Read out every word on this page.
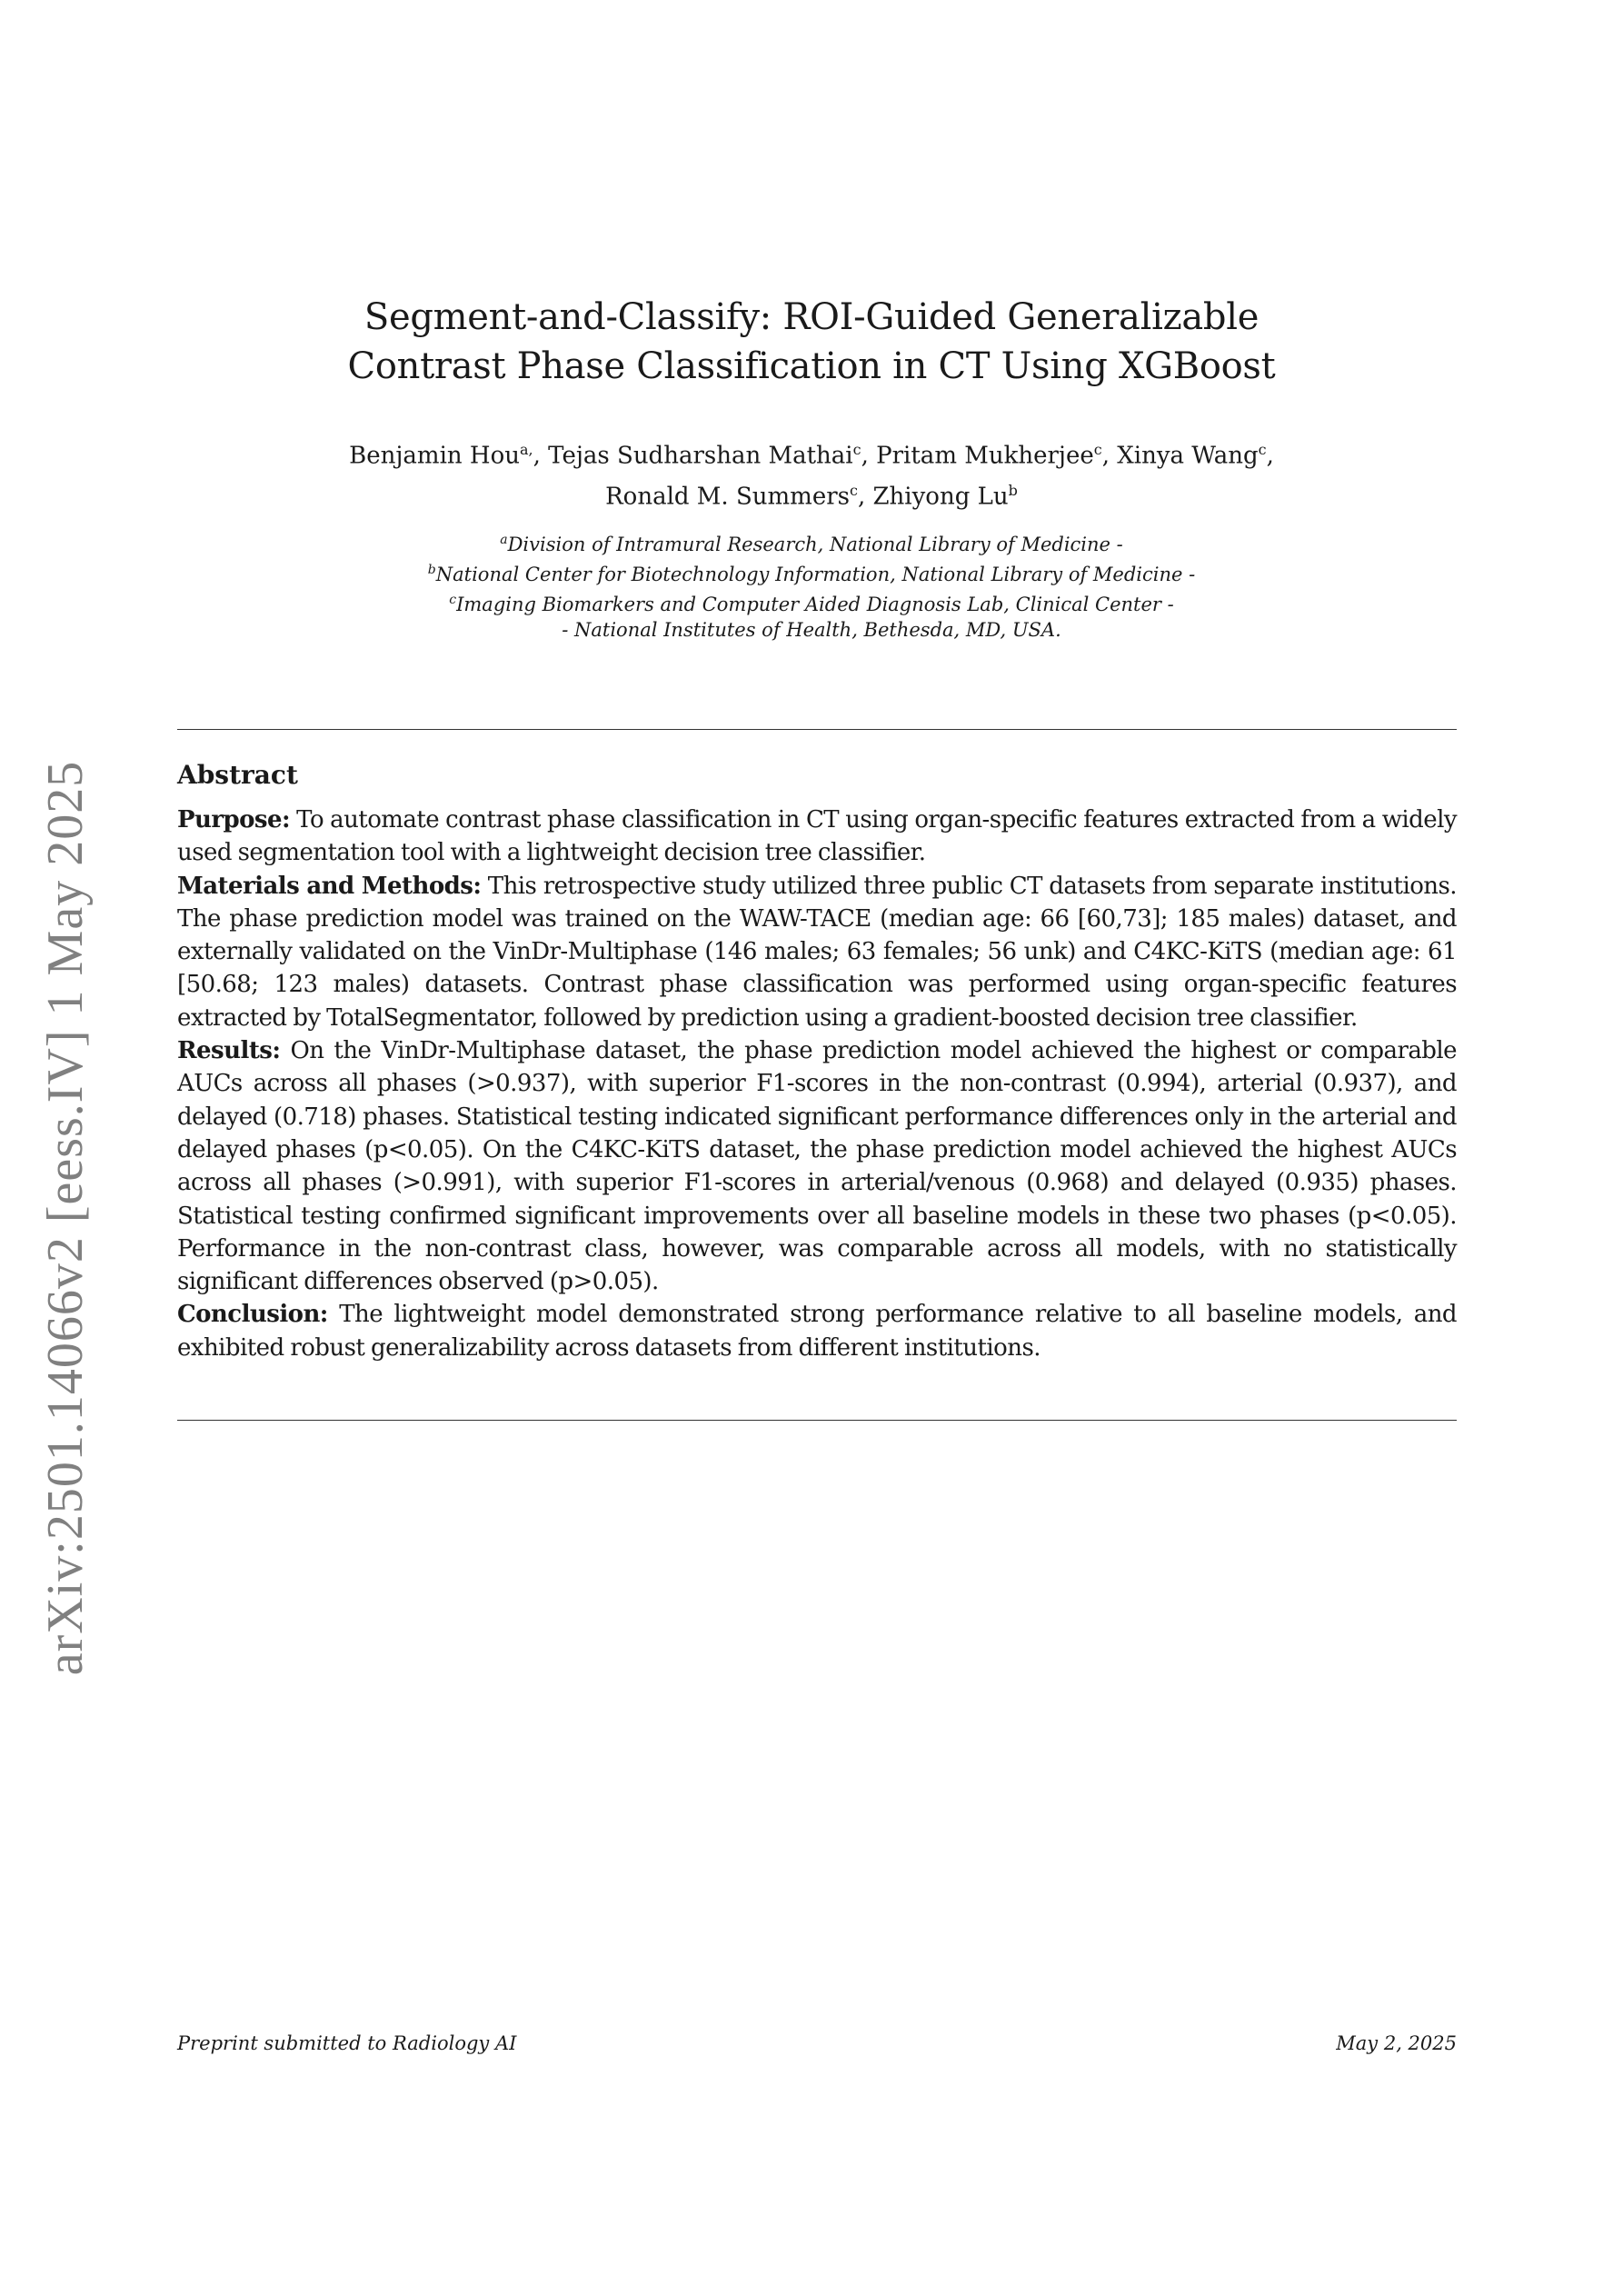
arXiv:2501.14066v2 [eess.IV] 1 May 2025
Segment-and-Classify: ROI-Guided Generalizable
Contrast Phase Classification in CT Using XGBoost
Benjamin Hou$^{a,}$, Tejas Sudharshan Mathai$^c$, Pritam Mukherjee$^c$, Xinya Wang$^c$,
Ronald M. Summers$^c$, Zhiyong Lu$^b$
$^a$Division of Intramural Research, National Library of Medicine -
$^b$National Center for Biotechnology Information, National Library of Medicine -
$^c$Imaging Biomarkers and Computer Aided Diagnosis Lab, Clinical Center -
- National Institutes of Health, Bethesda, MD, USA.
Abstract

Purpose: To automate contrast phase classification in CT using organ-specific features extracted from a widely used segmentation tool with a lightweight decision tree classifier.

Materials and Methods: This retrospective study utilized three public CT datasets from separate institutions. The phase prediction model was trained on the WAW-TACE (median age: 66 [60,73]; 185 males) dataset, and externally validated on the VinDr-Multiphase (146 males; 63 females; 56 unk) and C4KC-KiTS (median age: 61 [50.68; 123 males) datasets. Contrast phase classification was performed using organ-specific features extracted by TotalSegmentator, followed by prediction using a gradient-boosted decision tree classifier.

Results: On the VinDr-Multiphase dataset, the phase prediction model achieved the highest or comparable AUCs across all phases (>0.937), with superior F1-scores in the non-contrast (0.994), arterial (0.937), and delayed (0.718) phases. Statistical testing indicated significant performance differences only in the arterial and delayed phases (p<0.05). On the C4KC-KiTS dataset, the phase prediction model achieved the highest AUCs across all phases (>0.991), with superior F1-scores in arterial/venous (0.968) and delayed (0.935) phases. Statistical testing confirmed significant improvements over all baseline models in these two phases (p<0.05). Performance in the non-contrast class, however, was comparable across all models, with no statistically significant differences observed (p>0.05).

Conclusion: The lightweight model demonstrated strong performance relative to all baseline models, and exhibited robust generalizability across datasets from different institutions.

Preprint submitted to Radiology AI	May 2, 2025
